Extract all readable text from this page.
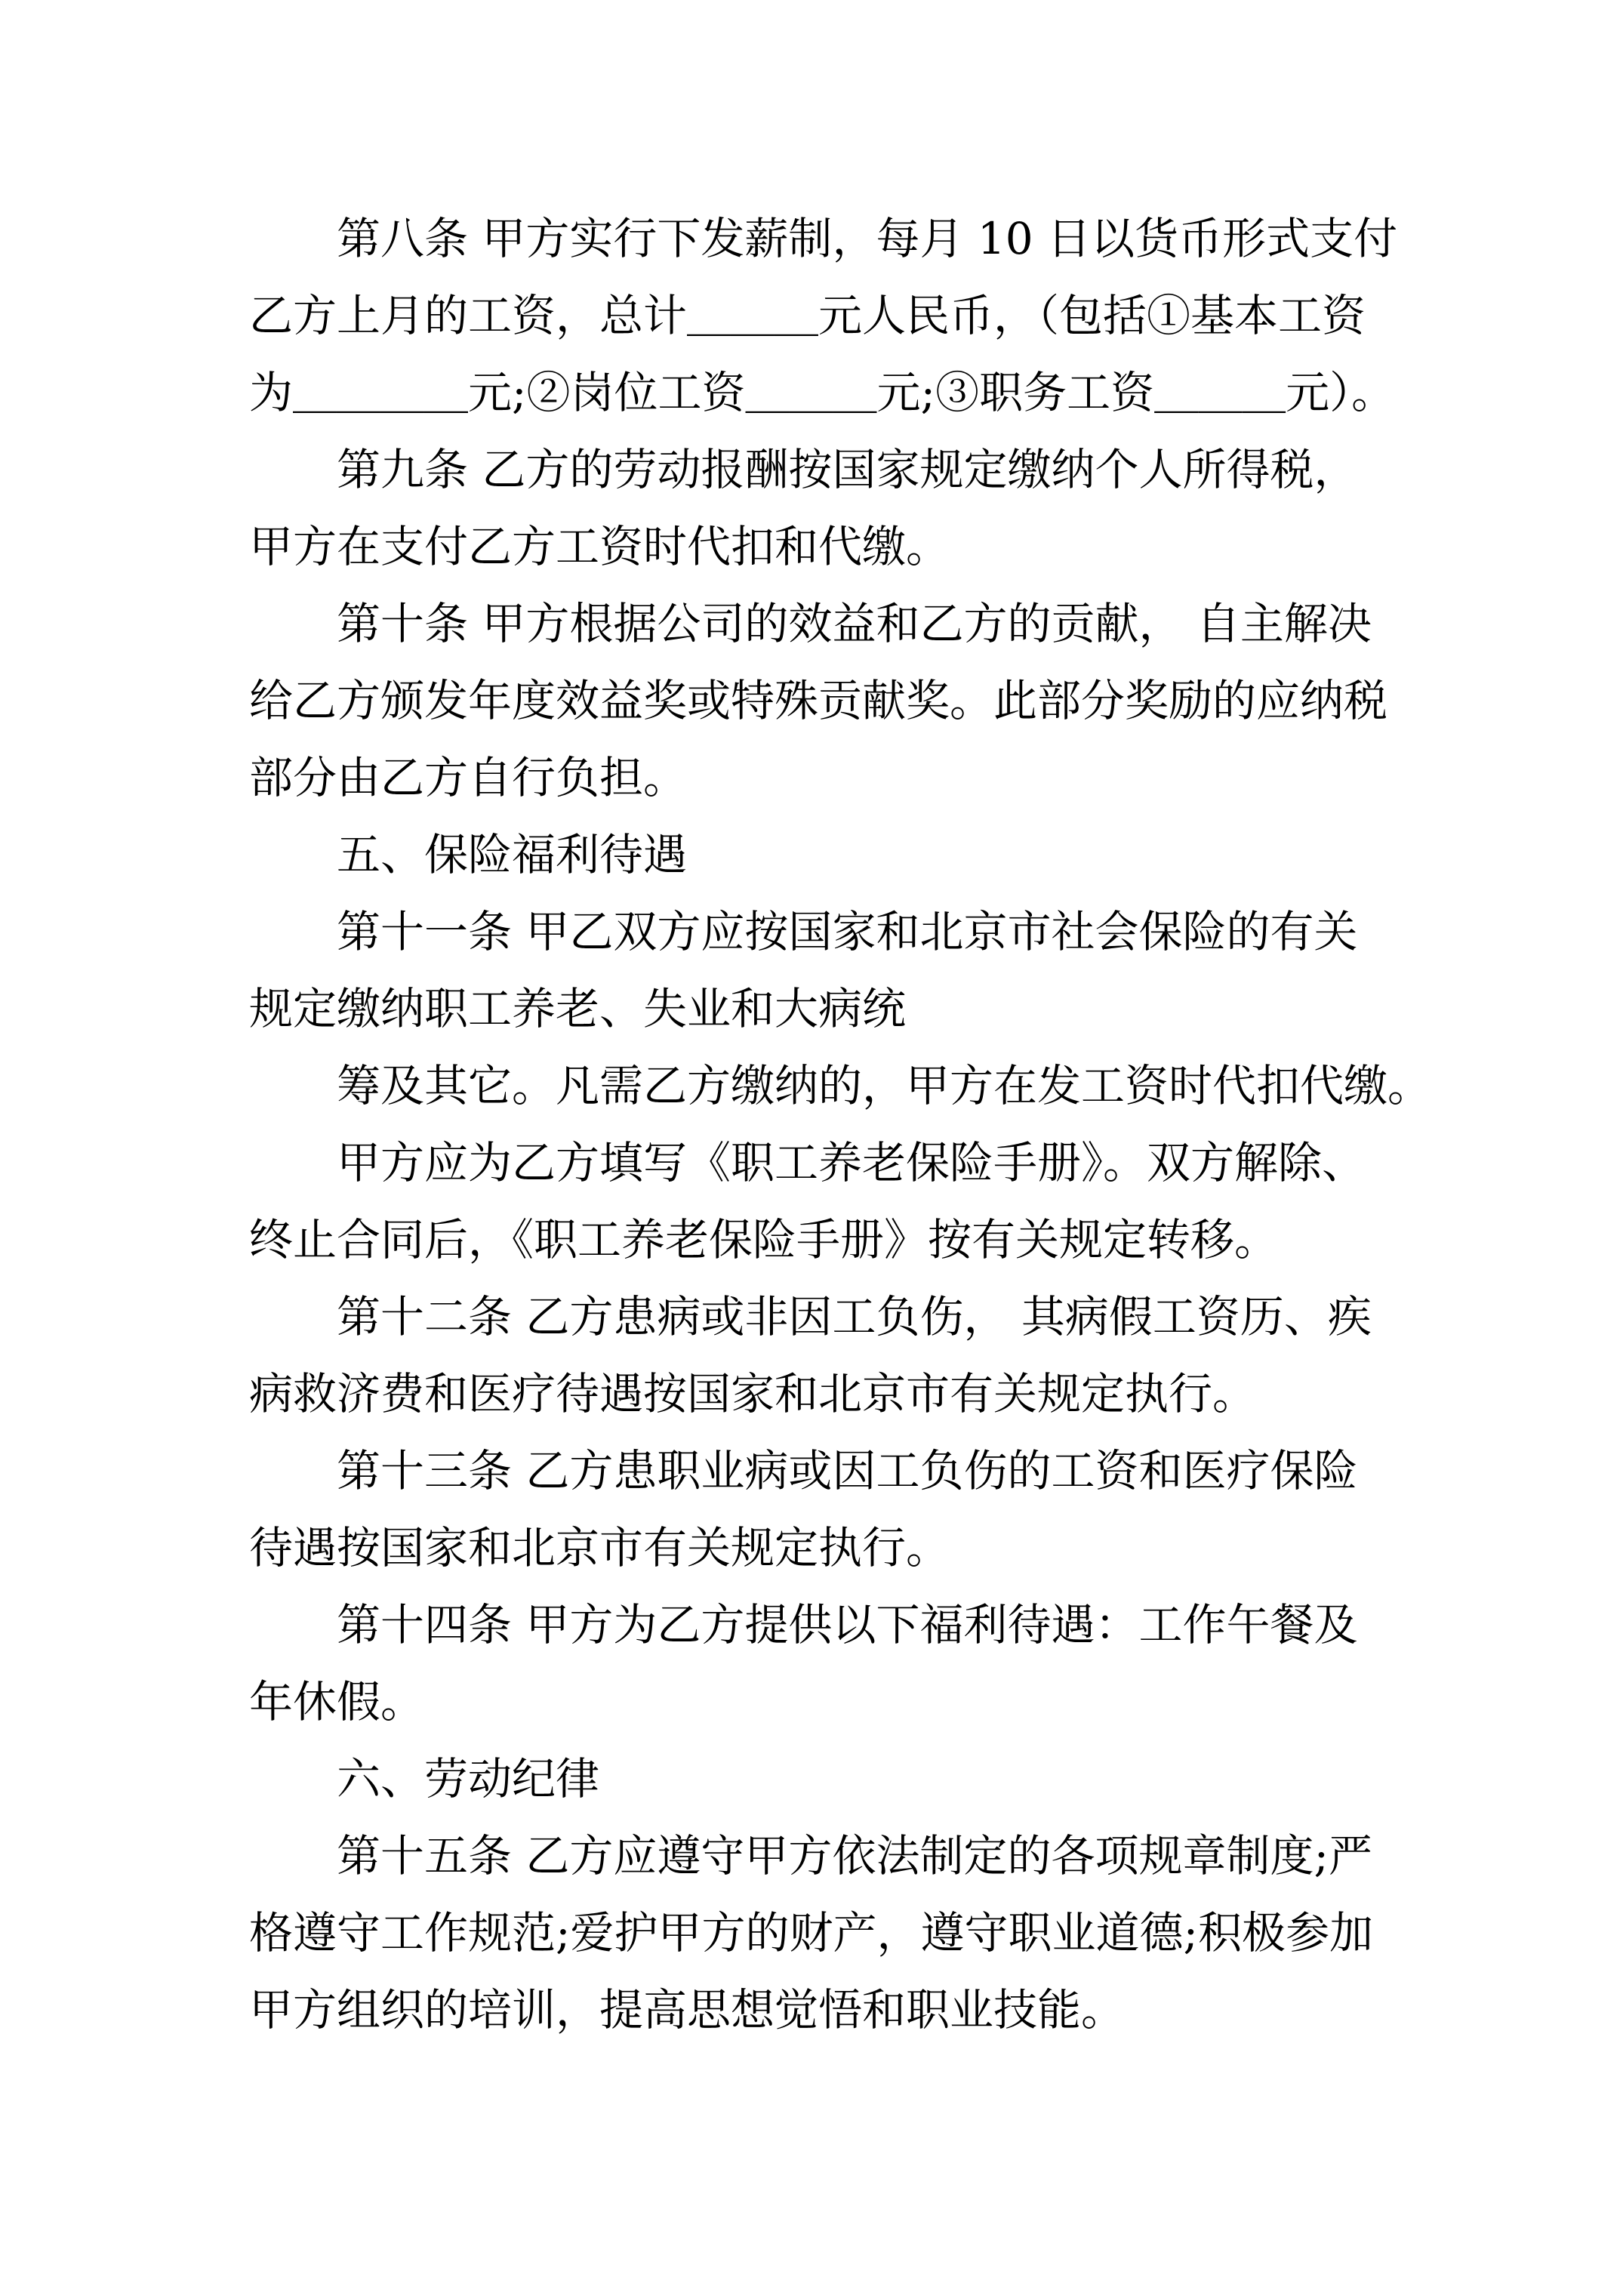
第八条 甲方实行下发薪制，每月 10 日以货币形式支付
乙方上月的工资，总计＿＿＿元人民币，（包括①基本工资
为＿＿＿＿元;②岗位工资＿＿＿元;③职务工资＿＿＿元）。
第九条 乙方的劳动报酬按国家规定缴纳个人所得税，
甲方在支付乙方工资时代扣和代缴。
第十条 甲方根据公司的效益和乙方的贡献， 自主解决
给乙方颁发年度效益奖或特殊贡献奖。此部分奖励的应纳税
部分由乙方自行负担。
五、保险福利待遇
第十一条 甲乙双方应按国家和北京市社会保险的有关
规定缴纳职工养老、失业和大病统
筹及其它。凡需乙方缴纳的，甲方在发工资时代扣代缴。
甲方应为乙方填写《职工养老保险手册》。双方解除、
终止合同后，《职工养老保险手册》按有关规定转移。
第十二条 乙方患病或非因工负伤， 其病假工资历、疾
病救济费和医疗待遇按国家和北京市有关规定执行。
第十三条 乙方患职业病或因工负伤的工资和医疗保险
待遇按国家和北京市有关规定执行。
第十四条 甲方为乙方提供以下福利待遇：工作午餐及
年休假。
六、劳动纪律
第十五条 乙方应遵守甲方依法制定的各项规章制度;严
格遵守工作规范;爱护甲方的财产，遵守职业道德;积极参加
甲方组织的培训，提高思想觉悟和职业技能。
